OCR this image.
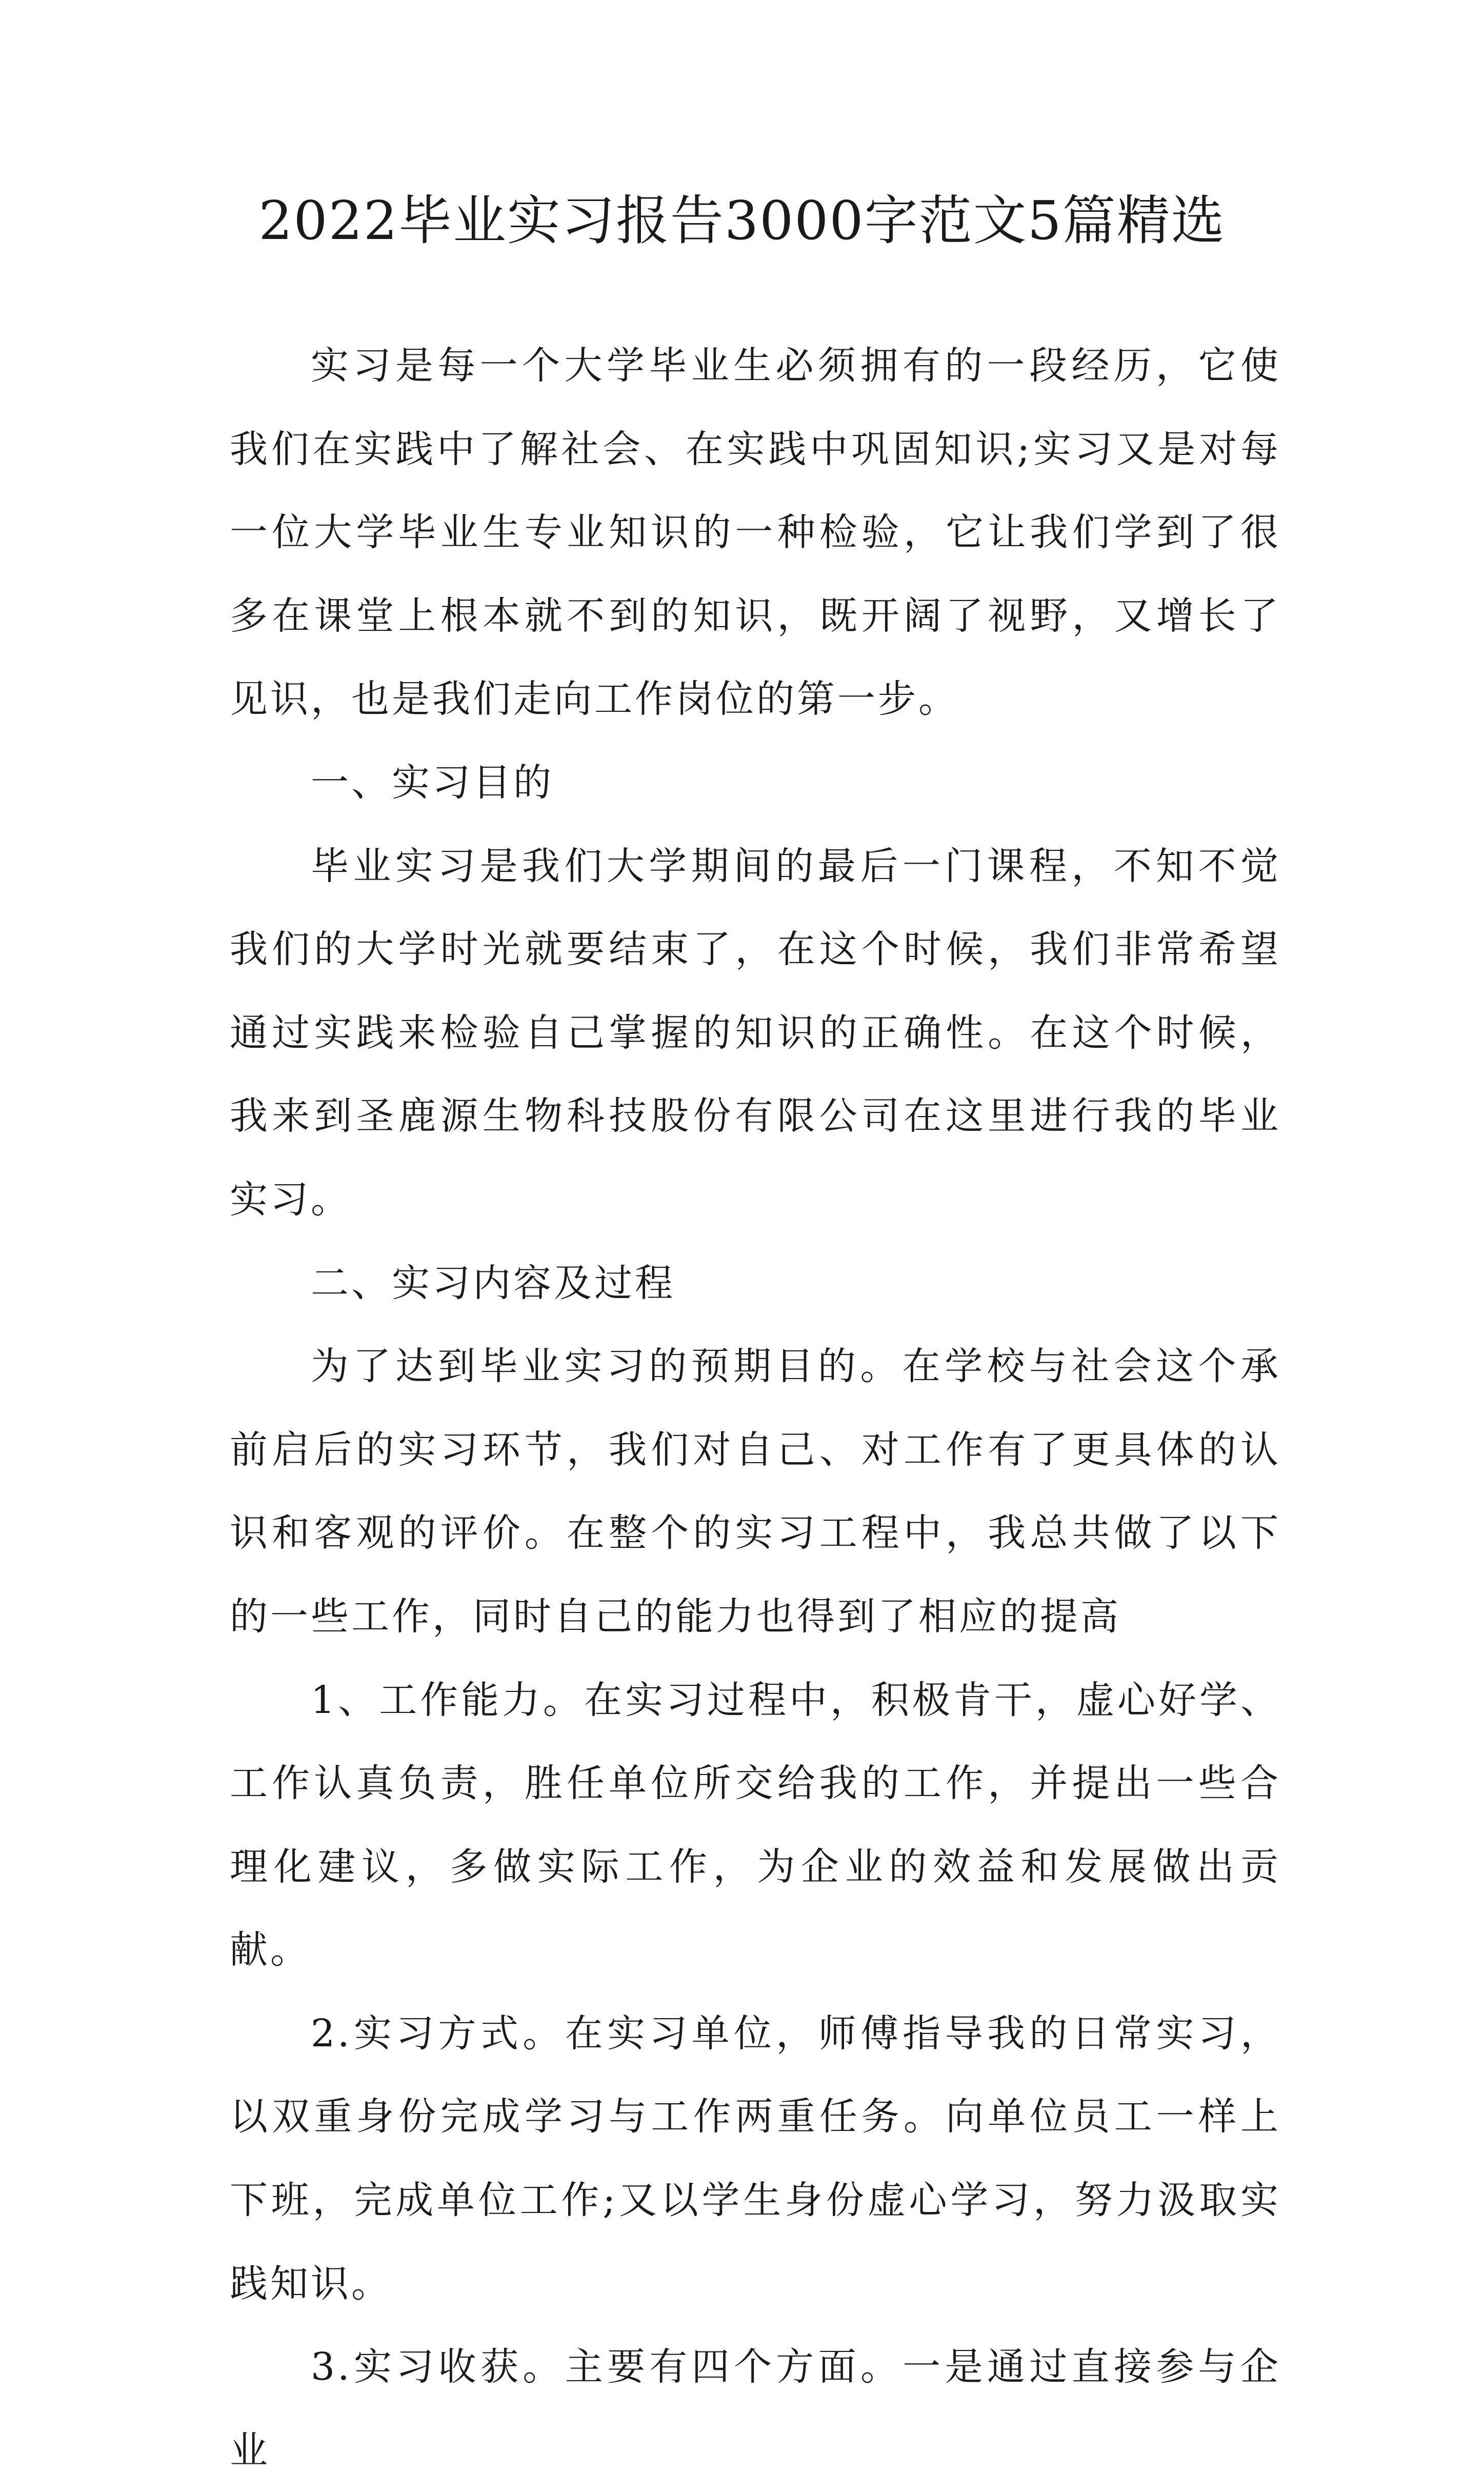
2022毕业实习报告3000字范文5篇精选

实习是每一个大学毕业生必须拥有的一段经历，它使我们在实践中了解社会、在实践中巩固知识;实习又是对每一位大学毕业生专业知识的一种检验，它让我们学到了很多在课堂上根本就不到的知识，既开阔了视野，又增长了见识，也是我们走向工作岗位的第一步。

一、实习目的

毕业实习是我们大学期间的最后一门课程，不知不觉我们的大学时光就要结束了，在这个时候，我们非常希望通过实践来检验自己掌握的知识的正确性。在这个时候，我来到圣鹿源生物科技股份有限公司在这里进行我的毕业实习。

二、实习内容及过程

为了达到毕业实习的预期目的。在学校与社会这个承前启后的实习环节，我们对自己、对工作有了更具体的认识和客观的评价。在整个的实习工程中，我总共做了以下的一些工作，同时自己的能力也得到了相应的提高

1、工作能力。在实习过程中，积极肯干，虚心好学、工作认真负责，胜任单位所交给我的工作，并提出一些合理化建议，多做实际工作，为企业的效益和发展做出贡献。

2.实习方式。在实习单位，师傅指导我的日常实习，以双重身份完成学习与工作两重任务。向单位员工一样上下班，完成单位工作;又以学生身份虚心学习，努力汲取实践知识。

3.实习收获。主要有四个方面。一是通过直接参与企业
